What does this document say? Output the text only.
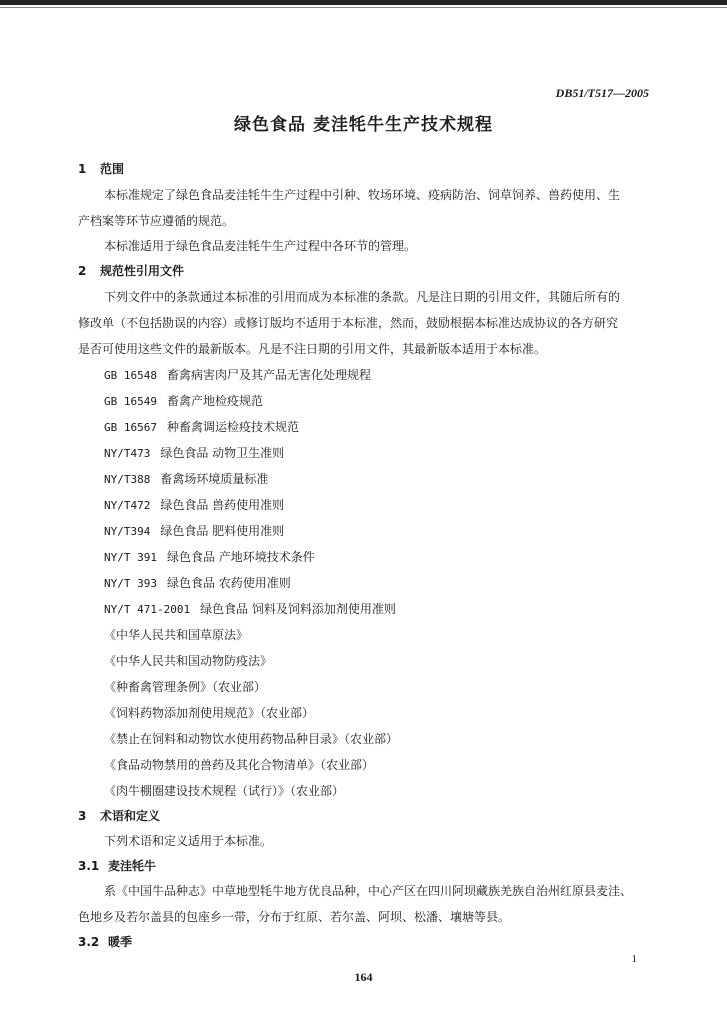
DB51/T517—2005
绿色食品 麦洼牦牛生产技术规程
1 范围
本标准规定了绿色食品麦洼牦牛生产过程中引种、牧场环境、疫病防治、饲草饲养、兽药使用、生
产档案等环节应遵循的规范。
本标准适用于绿色食品麦洼牦牛生产过程中各环节的管理。
2 规范性引用文件
下列文件中的条款通过本标准的引用而成为本标准的条款。凡是注日期的引用文件，其随后所有的
修改单（不包括勘误的内容）或修订版均不适用于本标准，然而，鼓励根据本标准达成协议的各方研究
是否可使用这些文件的最新版本。凡是不注日期的引用文件，其最新版本适用于本标准。
GB 16548 畜禽病害肉尸及其产品无害化处理规程
GB 16549 畜禽产地检疫规范
GB 16567 种畜禽调运检疫技术规范
NY/T473 绿色食品 动物卫生准则
NY/T388 畜禽场环境质量标准
NY/T472 绿色食品 兽药使用准则
NY/T394 绿色食品 肥料使用准则
NY/T 391 绿色食品 产地环境技术条件
NY/T 393 绿色食品 农药使用准则
NY/T 471-2001 绿色食品 饲料及饲料添加剂使用准则
《中华人民共和国草原法》
《中华人民共和国动物防疫法》
《种畜禽管理条例》（农业部）
《饲料药物添加剂使用规范》（农业部）
《禁止在饲料和动物饮水使用药物品种目录》（农业部）
《食品动物禁用的兽药及其化合物清单》（农业部）
《肉牛棚圈建设技术规程（试行）》（农业部）
3 术语和定义
下列术语和定义适用于本标准。
3.1 麦洼牦牛
系《中国牛品种志》中草地型牦牛地方优良品种，中心产区在四川阿坝藏族羌族自治州红原县麦洼、
色地乡及若尔盖县的包座乡一带，分布于红原、若尔盖、阿坝、松潘、壤塘等县。
3.2 暖季
1
164
